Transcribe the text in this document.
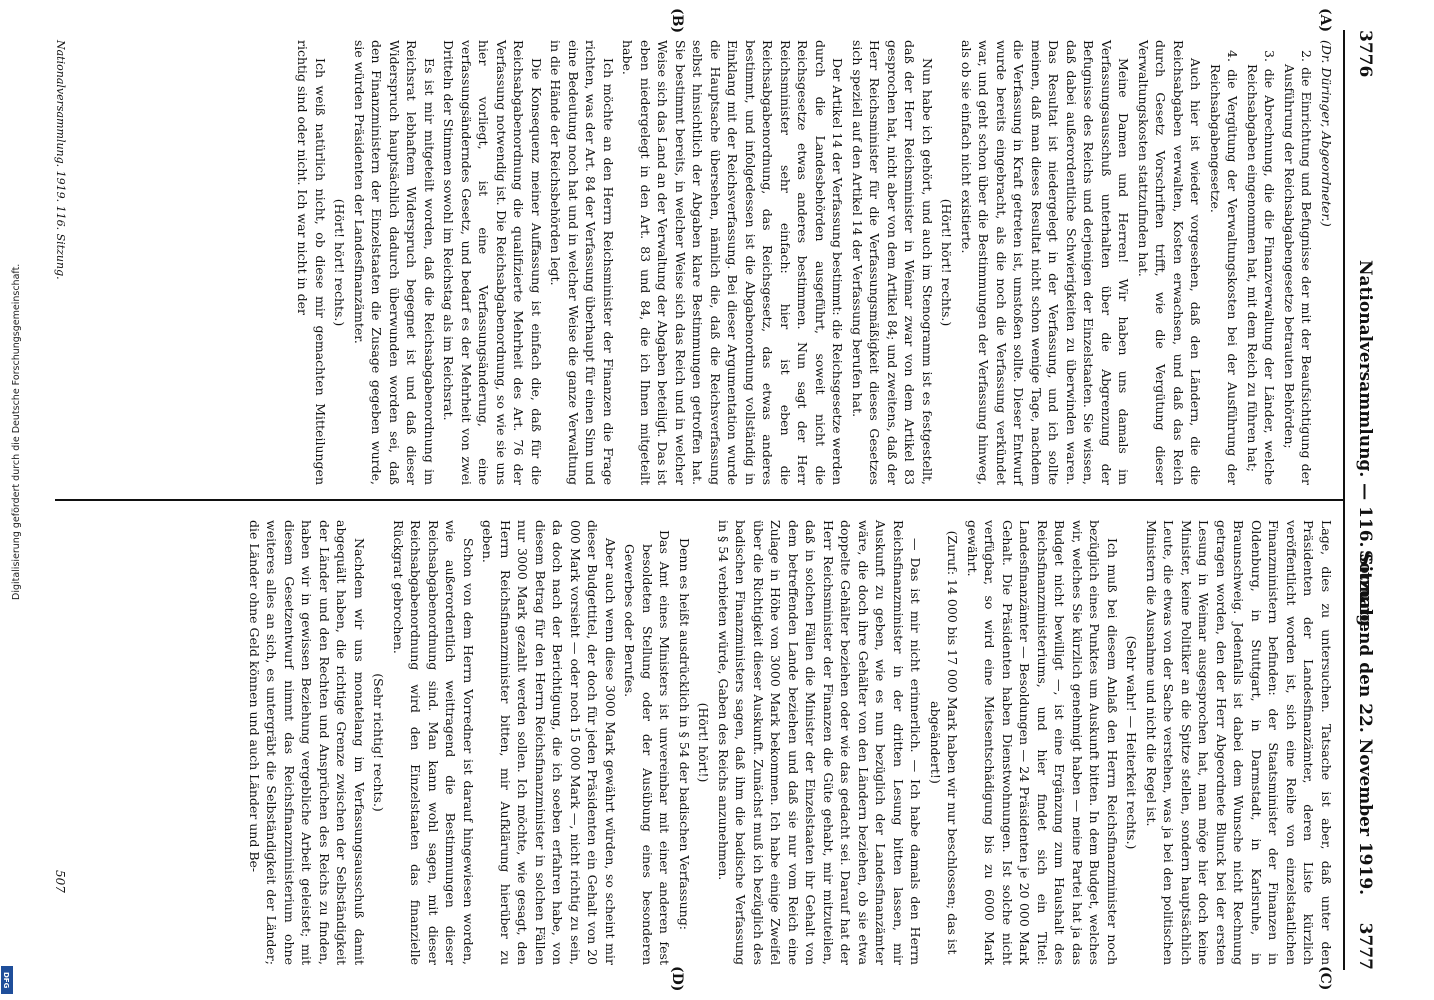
Digitalisierung gefördert durch die Deutsche Forschungsgemeinschaft.
DFG
3776
Nationalversammlung. — 116. Sitzung.
Sonnabend den 22. November 1919.
3777
(A)
(B)
(C)
(D)

(Dr. Düringer, Abgeordneter.)

2. die Einrichtung und Befugnisse der mit der Beaufsichtigung der Ausführung der Reichsabgabengesetze betrauten Behörden;

3. die Abrechnung, die die Finanzverwaltung der Länder, welche Reichsabgaben eingenommen hat, mit dem Reich zu führen hat;

4. die Vergütung der Verwaltungskosten bei der Ausführung der Reichsabgabengesetze.

Auch hier ist wieder vorgesehen, daß den Ländern, die die Reichsabgaben verwalten, Kosten erwachsen, und daß das Reich durch Gesetz Vorschriften trifft, wie die Vergütung dieser Verwaltungskosten stattzufinden hat.

Meine Damen und Herren! Wir haben uns damals im Verfassungsausschuß unterhalten über die Abgrenzung der Befugnisse des Reichs und derjenigen der Einzelstaaten. Sie wissen, daß dabei außerordentliche Schwierigkeiten zu überwinden waren. Das Resultat ist niedergelegt in der Verfassung, und ich sollte meinen, daß man dieses Resultat nicht schon wenige Tage, nachdem die Verfassung in Kraft getreten ist, umstoßen sollte. Dieser Entwurf wurde bereits eingebracht, als die noch die Verfassung verkündet war, und geht schon über die Bestimmungen der Verfassung hinweg, als ob sie einfach nicht existierte.

(Hört! hört! rechts.)

Nun habe ich gehört, und auch im Stenogramm ist es festgestellt, daß der Herr Reichsminister in Weimar zwar von dem Artikel 83 gesprochen hat, nicht aber von dem Artikel 84; und zweitens, daß der Herr Reichsminister für die Verfassungsmäßigkeit dieses Gesetzes sich speziell auf den Artikel 14 der Verfassung berufen hat.

Der Artikel 14 der Verfassung bestimmt: die Reichsgesetze werden durch die Landesbehörden ausgeführt, soweit nicht die Reichsgesetze etwas anderes bestimmen. Nun sagt der Herr Reichsminister sehr einfach: hier ist eben die Reichsabgabenordnung, das Reichsgesetz, das etwas anderes bestimmt, und infolgedessen ist die Abgabenordnung vollständig in Einklang mit der Reichsverfassung. Bei dieser Argumentation wurde die Hauptsache übersehen, nämlich die, daß die Reichsverfassung selbst hinsichtlich der Abgaben klare Bestimmungen getroffen hat. Sie bestimmt bereits, in welcher Weise sich das Reich und in welcher Weise sich das Land an der Verwaltung der Abgaben beteiligt. Das ist eben niedergelegt in den Art. 83 und 84, die ich Ihnen mitgeteilt habe.

Ich möchte an den Herrn Reichsminister der Finanzen die Frage richten, was der Art. 84 der Verfassung überhaupt für einen Sinn und eine Bedeutung noch hat und in welcher Weise die ganze Verwaltung in die Hände der Reichsbehörden legt.

Die Konsequenz meiner Auffassung ist einfach die, daß für die Reichsabgabenordnung die qualifizierte Mehrheit des Art. 76 der Verfassung notwendig ist. Die Reichsabgabenordnung, so wie sie uns hier vorliegt, ist eine Verfassungsänderung, eine verfassungsänderndes Gesetz, und bedarf es der Mehrheit von zwei Dritteln der Stimmen sowohl im Reichstag als im Reichsrat.

Es ist mir mitgeteilt worden, daß die Reichsabgabenordnung im Reichsrat lebhaftem Widerspruch begegnet ist und daß dieser Widerspruch hauptsächlich dadurch überwunden worden sei, daß den Finanzministern der Einzelstaaten die Zusage gegeben wurde, sie würden Präsidenten der Landesfinanzämter.

(Hört! hört! rechts.)

Ich weiß natürlich nicht, ob diese mir gemachten Mitteilungen richtig sind oder nicht. Ich war nicht in der

Lage, dies zu untersuchen. Tatsache ist aber, daß unter den Präsidenten der Landesfinanzämter, deren Liste kürzlich veröffentlicht worden ist, sich eine Reihe von einzelstaatlichen Finanzministern befinden: der Staatsminister der Finanzen in Oldenburg, in Stuttgart, in Darmstadt, in Karlsruhe, in Braunschweig. Jedenfalls ist dabei dem Wunsche nicht Rechnung getragen worden, den der Herr Abgeordnete Blunck bei der ersten Lesung in Weimar ausgesprochen hat, man möge hier doch keine Minister, keine Politiker an die Spitze stellen, sondern hauptsächlich Leute, die etwas von der Sache verstehen, was ja bei den politischen Ministern die Ausnahme und nicht die Regel ist.

(Sehr wahr! — Heiterkeit rechts.)

Ich muß bei diesem Anlaß den Herrn Reichsfinanzminister noch bezüglich eines Punktes um Auskunft bitten. In dem Budget, welches wir, welches Sie kürzlich genehmigt haben — meine Partei hat ja das Budget nicht bewilligt —, ist eine Ergänzung zum Haushalt des Reichsfinanzministeriums, und hier findet sich ein Titel: Landesfinanzämter — Besoldungen — 24 Präsidenten je 20 000 Mark Gehalt. Die Präsidenten haben Dienstwohnungen. Ist solche nicht verfügbar, so wird eine Mietsentschädigung bis zu 6000 Mark gewährt.

(Zuruf: 14 000 bis 17 000 Mark haben wir nur beschlossen; das ist abgeändert!)

— Das ist mir nicht erinnerlich. — Ich habe damals den Herrn Reichsfinanzminister in der dritten Lesung bitten lassen, mir Auskunft zu geben, wie es nun bezüglich der Landesfinanzämter wäre, die doch ihre Gehälter von den Ländern beziehen, ob sie etwa doppelte Gehälter beziehen oder wie das gedacht sei. Darauf hat der Herr Reichsminister der Finanzen die Güte gehabt, mir mitzuteilen, daß in solchen Fällen die Minister der Einzelstaaten ihr Gehalt von dem betreffenden Lande beziehen und daß sie nur vom Reich eine Zulage in Höhe von 3000 Mark bekommen. Ich habe einige Zweifel über die Richtigkeit dieser Auskunft. Zunächst muß ich bezüglich des badischen Finanzministers sagen, daß ihm die badische Verfassung in § 54 verbieten würde, Gaben des Reichs anzunehmen.

(Hört! hört!)

Denn es heißt ausdrücklich in § 54 der badischen Verfassung:

Das Amt eines Ministers ist unvereinbar mit einer anderen fest besoldeten Stellung oder der Ausübung eines besonderen Gewerbes oder Berufes.

Aber auch wenn diese 3000 Mark gewährt würden, so scheint mir dieser Budgettitel, der doch für jeden Präsidenten ein Gehalt von 20 000 Mark vorsieht — oder noch 15 000 Mark —, nicht richtig zu sein, da doch nach der Berichtigung, die ich soeben erfahren habe, von diesem Betrag für den Herrn Reichsfinanzminister in solchen Fällen nur 3000 Mark gezahlt werden sollen. Ich möchte, wie gesagt, den Herrn Reichsfinanzminister bitten, mir Aufklärung hierüber zu geben.

Schon von dem Herrn Vorredner ist darauf hingewiesen worden, wie außerordentlich weittragend die Bestimmungen dieser Reichsabgabenordnung sind. Man kann wohl sagen, mit dieser Reichsabgabenordnung wird den Einzelstaaten das finanzielle Rückgrat gebrochen.

(Sehr richtig! rechts.)

Nachdem wir uns monatelang im Verfassungsausschuß damit abgequält haben, die richtige Grenze zwischen der Selbständigkeit der Länder und den Rechten und Ansprüchen des Reichs zu finden, haben wir in gewissen Beziehung vergebliche Arbeit geleistet; mit diesem Gesetzentwurf nimmt das Reichsfinanzministerium ohne weiteres alles an sich, es untergräbt die Selbständigkeit der Länder; die Länder ohne Geld können und auch Länder und Be-

Nationalversammlung. 1919. 116. Sitzung.
507
